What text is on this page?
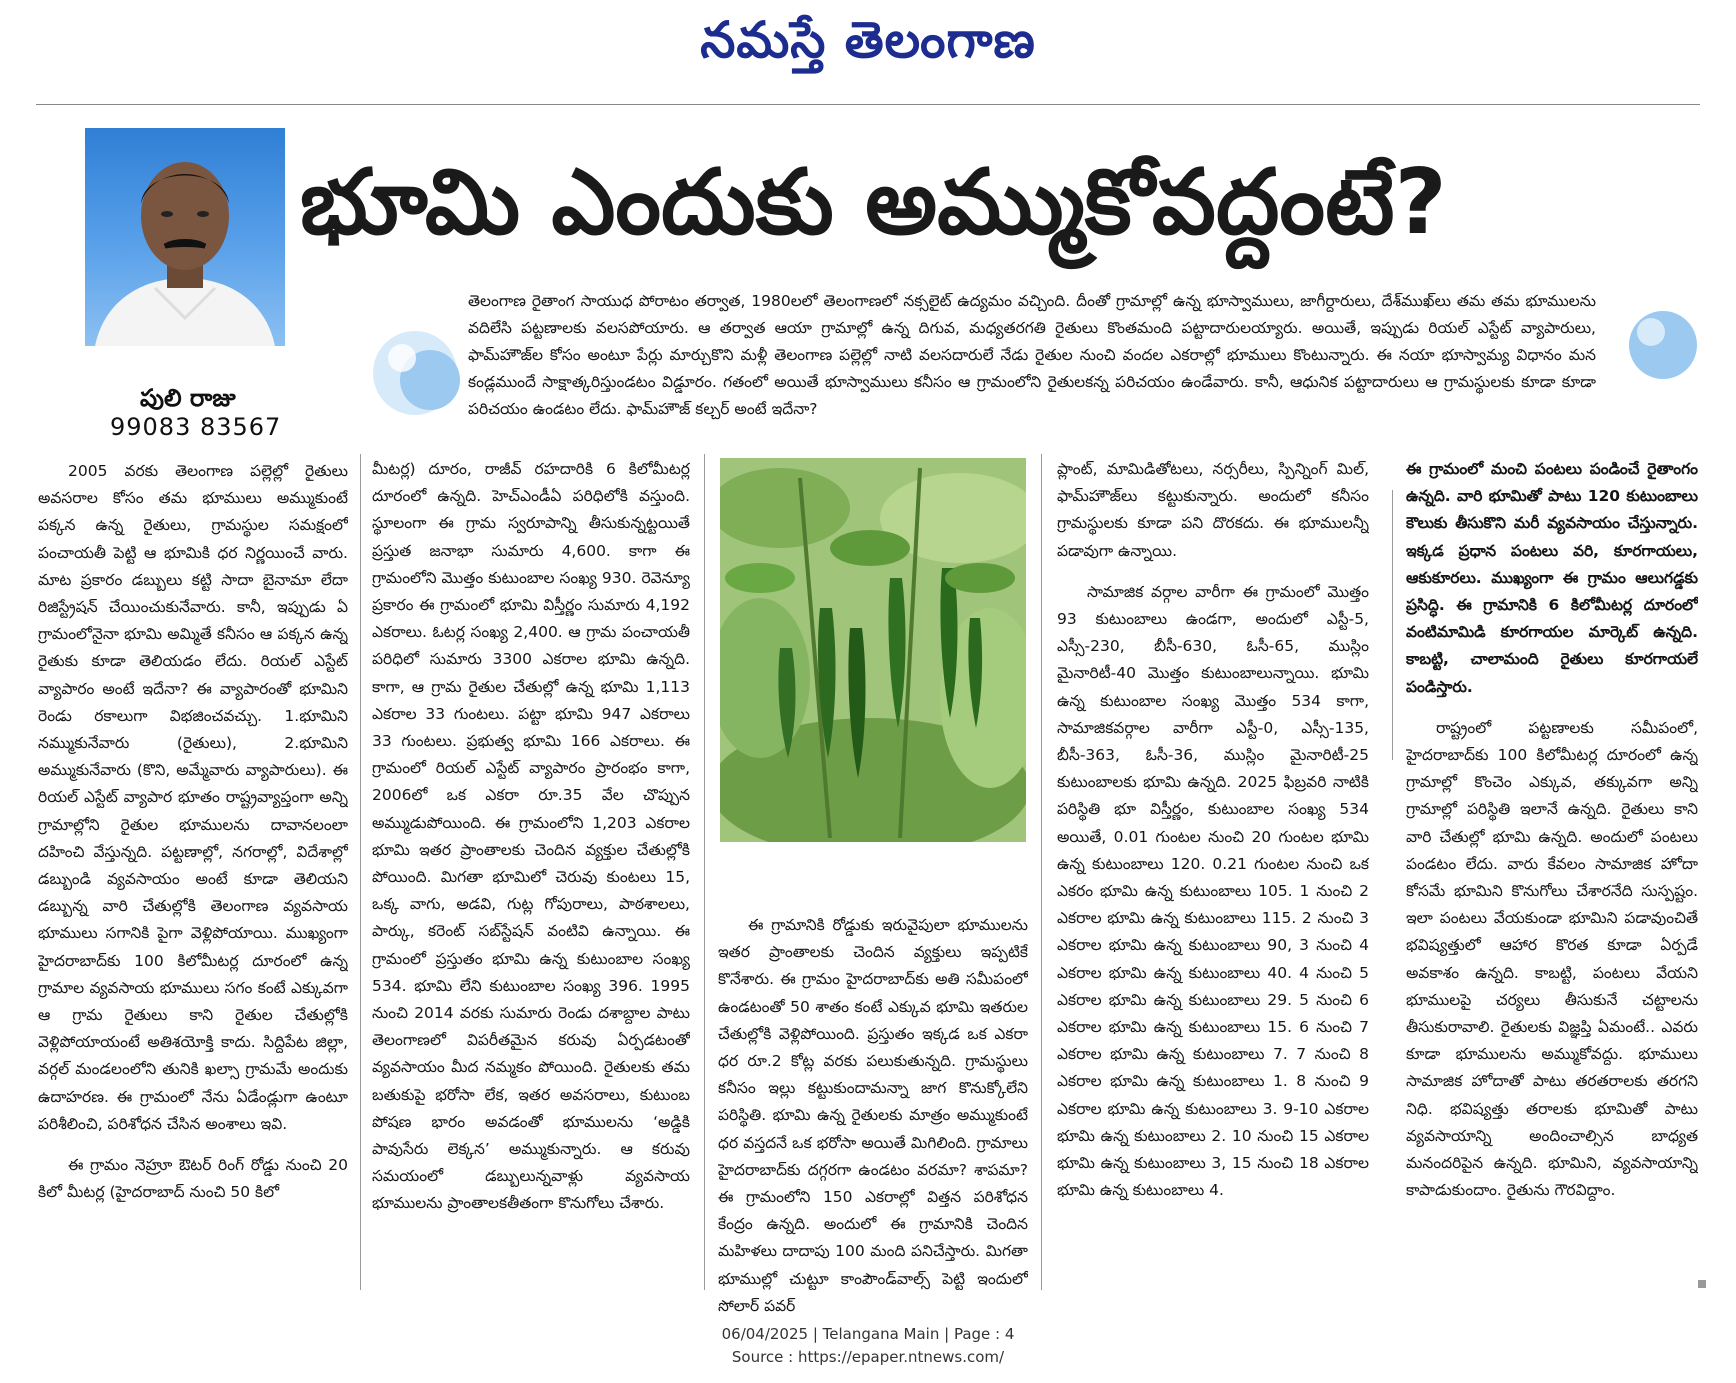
నమస్తే తెలంగాణ
పులి రాజు
99083 83567
భూమి ఎందుకు అమ్ముకోవద్దంటే?
తెలంగాణ రైతాంగ సాయుధ పోరాటం తర్వాత, 1980లలో తెలంగాణలో నక్సలైట్ ఉద్యమం వచ్చింది. దీంతో గ్రామాల్లో ఉన్న భూస్వాములు, జాగీర్దారులు, దేశ్‌ముఖ్‌లు తమ తమ భూములను వదిలేసి పట్టణాలకు వలసపోయారు. ఆ తర్వాత ఆయా గ్రామాల్లో ఉన్న దిగువ, మధ్యతరగతి రైతులు కొంతమంది పట్టాదారులయ్యారు. అయితే, ఇప్పుడు రియల్ ఎస్టేట్ వ్యాపారులు, ఫామ్‌హౌజ్‌ల కోసం అంటూ పేర్లు మార్చుకొని మళ్లీ తెలంగాణ పల్లెల్లో నాటి వలసదారులే నేడు రైతుల నుంచి వందల ఎకరాల్లో భూములు కొంటున్నారు. ఈ నయా భూస్వామ్య విధానం మన కండ్లముందే సాక్షాత్కరిస్తుండటం విడ్డూరం. గతంలో అయితే భూస్వాములు కనీసం ఆ గ్రామంలోని రైతులకన్న పరిచయం ఉండేవారు. కానీ, ఆధునిక పట్టాదారులు ఆ గ్రామస్థులకు కూడా కూడా పరిచయం ఉండటం లేదు. ఫామ్‌హౌజ్ కల్చర్ అంటే ఇదేనా?

2005 వరకు తెలంగాణ పల్లెల్లో రైతులు అవసరాల కోసం తమ భూములు అమ్ముకుంటే పక్కన ఉన్న రైతులు, గ్రామస్థుల సమక్షంలో పంచాయతీ పెట్టి ఆ భూమికి ధర నిర్ణయించే వారు. మాట ప్రకారం డబ్బులు కట్టి సాదా బైనామా లేదా రిజిస్ట్రేషన్ చేయించుకునేవారు. కానీ, ఇప్పుడు ఏ గ్రామంలోనైనా భూమి అమ్మితే కనీసం ఆ పక్కన ఉన్న రైతుకు కూడా తెలియడం లేదు. రియల్ ఎస్టేట్ వ్యాపారం అంటే ఇదేనా? ఈ వ్యాపారంతో భూమిని రెండు రకాలుగా విభజించవచ్చు. 1.భూమిని నమ్ముకునేవారు (రైతులు), 2.భూమిని అమ్ముకునేవారు (కొని, అమ్మేవారు వ్యాపారులు). ఈ రియల్ ఎస్టేట్ వ్యాపార భూతం రాష్ట్రవ్యాప్తంగా అన్ని గ్రామాల్లోని రైతుల భూములను దావానలంలా దహించి వేస్తున్నది. పట్టణాల్లో, నగరాల్లో, విదేశాల్లో డబ్బుండి వ్యవసాయం అంటే కూడా తెలియని డబ్బున్న వారి చేతుల్లోకి తెలంగాణ వ్యవసాయ భూములు సగానికి పైగా వెళ్లిపోయాయి. ముఖ్యంగా హైదరాబాద్‌కు 100 కిలోమీటర్ల దూరంలో ఉన్న గ్రామాల వ్యవసాయ భూములు సగం కంటే ఎక్కువగా ఆ గ్రామ రైతులు కాని రైతుల చేతుల్లోకి వెళ్లిపోయాయంటే అతిశయోక్తి కాదు. సిద్దిపేట జిల్లా, వర్గల్ మండలంలోని తునికి ఖల్సా గ్రామమే అందుకు ఉదాహరణ. ఈ గ్రామంలో నేను ఏడేండ్లుగా ఉంటూ పరిశీలించి, పరిశోధన చేసిన అంశాలు ఇవి.

ఈ గ్రామం నెహ్రూ ఔటర్ రింగ్ రోడ్డు నుంచి 20 కిలో మీటర్ల (హైదరాబాద్ నుంచి 50 కిలో

మీటర్ల) దూరం, రాజీవ్ రహదారికి 6 కిలోమీటర్ల దూరంలో ఉన్నది. హెచ్‌ఎండీఏ పరిధిలోకి వస్తుంది. స్థూలంగా ఈ గ్రామ స్వరూపాన్ని తీసుకున్నట్టయితే ప్రస్తుత జనాభా సుమారు 4,600. కాగా ఈ గ్రామంలోని మొత్తం కుటుంబాల సంఖ్య 930. రెవెన్యూ ప్రకారం ఈ గ్రామంలో భూమి విస్తీర్ణం సుమారు 4,192 ఎకరాలు. ఓటర్ల సంఖ్య 2,400. ఆ గ్రామ పంచాయతీ పరిధిలో సుమారు 3300 ఎకరాల భూమి ఉన్నది. కాగా, ఆ గ్రామ రైతుల చేతుల్లో ఉన్న భూమి 1,113 ఎకరాల 33 గుంటలు. పట్టా భూమి 947 ఎకరాలు 33 గుంటలు. ప్రభుత్వ భూమి 166 ఎకరాలు. ఈ గ్రామంలో రియల్ ఎస్టేట్ వ్యాపారం ప్రారంభం కాగా, 2006లో ఒక ఎకరా రూ.35 వేల చొప్పున అమ్ముడుపోయింది. ఈ గ్రామంలోని 1,203 ఎకరాల భూమి ఇతర ప్రాంతాలకు చెందిన వ్యక్తుల చేతుల్లోకి పోయింది. మిగతా భూమిలో చెరువు కుంటలు 15, ఒక్క వాగు, అడవి, గుట్ల గోపురాలు, పాఠశాలలు, పార్కు, కరెంట్ సబ్‌స్టేషన్ వంటివి ఉన్నాయి. ఈ గ్రామంలో ప్రస్తుతం భూమి ఉన్న కుటుంబాల సంఖ్య 534. భూమి లేని కుటుంబాల సంఖ్య 396. 1995 నుంచి 2014 వరకు సుమారు రెండు దశాబ్దాల పాటు తెలంగాణలో విపరీతమైన కరువు ఏర్పడటంతో వ్యవసాయం మీద నమ్మకం పోయింది. రైతులకు తమ బతుకుపై భరోసా లేక, ఇతర అవసరాలు, కుటుంబ పోషణ భారం అవడంతో భూములను ‘అడ్డికి పావుసేరు లెక్కన’ అమ్ముకున్నారు. ఆ కరువు సమయంలో డబ్బులున్నవాళ్లు వ్యవసాయ భూములను ప్రాంతాలకతీతంగా కొనుగోలు చేశారు.

ఈ గ్రామానికి రోడ్డుకు ఇరువైపులా భూములను ఇతర ప్రాంతాలకు చెందిన వ్యక్తులు ఇప్పటికే కొనేశారు. ఈ గ్రామం హైదరాబాద్‌కు అతి సమీపంలో ఉండటంతో 50 శాతం కంటే ఎక్కువ భూమి ఇతరుల చేతుల్లోకి వెళ్లిపోయింది. ప్రస్తుతం ఇక్కడ ఒక ఎకరా ధర రూ.2 కోట్ల వరకు పలుకుతున్నది. గ్రామస్థులు కనీసం ఇల్లు కట్టుకుందామన్నా జాగ కొనుక్కోలేని పరిస్థితి. భూమి ఉన్న రైతులకు మాత్రం అమ్ముకుంటే ధర వస్తదనే ఒక భరోసా అయితే మిగిలింది. గ్రామాలు హైదరాబాద్‌కు దగ్గరగా ఉండటం వరమా? శాపమా? ఈ గ్రామంలోని 150 ఎకరాల్లో విత్తన పరిశోధన కేంద్రం ఉన్నది. అందులో ఈ గ్రామానికి చెందిన మహిళలు దాదాపు 100 మంది పనిచేస్తారు. మిగతా భూముల్లో చుట్టూ కాంపౌండ్‌వాల్స్ పెట్టి ఇందులో సోలార్ పవర్

ప్లాంట్, మామిడితోటలు, నర్సరీలు, స్పిన్నింగ్ మిల్, ఫామ్‌హౌజ్‌లు కట్టుకున్నారు. అందులో కనీసం గ్రామస్థులకు కూడా పని దొరకదు. ఈ భూములన్నీ పడావుగా ఉన్నాయి.

సామాజిక వర్గాల వారీగా ఈ గ్రామంలో మొత్తం 93 కుటుంబాలు ఉండగా, అందులో ఎస్టీ-5, ఎస్సీ-230, బీసీ-630, ఓసీ-65, ముస్లిం మైనారిటీ-40 మొత్తం కుటుంబాలున్నాయి. భూమి ఉన్న కుటుంబాల సంఖ్య మొత్తం 534 కాగా, సామాజికవర్గాల వారీగా ఎస్టీ-0, ఎస్సీ-135, బీసీ-363, ఓసీ-36, ముస్లిం మైనారిటీ-25 కుటుంబాలకు భూమి ఉన్నది. 2025 ఫిబ్రవరి నాటికి పరిస్థితి భూ విస్తీర్ణం, కుటుంబాల సంఖ్య 534 అయితే, 0.01 గుంటల నుంచి 20 గుంటల భూమి ఉన్న కుటుంబాలు 120. 0.21 గుంటల నుంచి ఒక ఎకరం భూమి ఉన్న కుటుంబాలు 105. 1 నుంచి 2 ఎకరాల భూమి ఉన్న కుటుంబాలు 115. 2 నుంచి 3 ఎకరాల భూమి ఉన్న కుటుంబాలు 90, 3 నుంచి 4 ఎకరాల భూమి ఉన్న కుటుంబాలు 40. 4 నుంచి 5 ఎకరాల భూమి ఉన్న కుటుంబాలు 29. 5 నుంచి 6 ఎకరాల భూమి ఉన్న కుటుంబాలు 15. 6 నుంచి 7 ఎకరాల భూమి ఉన్న కుటుంబాలు 7. 7 నుంచి 8 ఎకరాల భూమి ఉన్న కుటుంబాలు 1. 8 నుంచి 9 ఎకరాల భూమి ఉన్న కుటుంబాలు 3. 9-10 ఎకరాల భూమి ఉన్న కుటుంబాలు 2. 10 నుంచి 15 ఎకరాల భూమి ఉన్న కుటుంబాలు 3, 15 నుంచి 18 ఎకరాల భూమి ఉన్న కుటుంబాలు 4.

ఈ గ్రామంలో మంచి పంటలు పండించే రైతాంగం ఉన్నది. వారి భూమితో పాటు 120 కుటుంబాలు కౌలుకు తీసుకొని మరీ వ్యవసాయం చేస్తున్నారు. ఇక్కడ ప్రధాన పంటలు వరి, కూరగాయలు, ఆకుకూరలు. ముఖ్యంగా ఈ గ్రామం ఆలుగడ్డకు ప్రసిద్ధి. ఈ గ్రామానికి 6 కిలోమీటర్ల దూరంలో వంటిమామిడి కూరగాయల మార్కెట్ ఉన్నది. కాబట్టి, చాలామంది రైతులు కూరగాయలే పండిస్తారు.

రాష్ట్రంలో పట్టణాలకు సమీపంలో, హైదరాబాద్‌కు 100 కిలోమీటర్ల దూరంలో ఉన్న గ్రామాల్లో కొంచెం ఎక్కువ, తక్కువగా అన్ని గ్రామాల్లో పరిస్థితి ఇలానే ఉన్నది. రైతులు కాని వారి చేతుల్లో భూమి ఉన్నది. అందులో పంటలు పండటం లేదు. వారు కేవలం సామాజిక హోదా కోసమే భూమిని కొనుగోలు చేశారనేది సుస్పష్టం. ఇలా పంటలు వేయకుండా భూమిని పడావుంచితే భవిష్యత్తులో ఆహార కొరత కూడా ఏర్పడే అవకాశం ఉన్నది. కాబట్టి, పంటలు వేయని భూములపై చర్యలు తీసుకునే చట్టాలను తీసుకురావాలి. రైతులకు విజ్ఞప్తి ఏమంటే.. ఎవరు కూడా భూములను అమ్ముకోవద్దు. భూములు సామాజిక హోదాతో పాటు తరతరాలకు తరగని నిధి. భవిష్యత్తు తరాలకు భూమితో పాటు వ్యవసాయాన్ని అందించాల్సిన బాధ్యత మనందరిపైన ఉన్నది. భూమిని, వ్యవసాయాన్ని కాపాడుకుందాం. రైతును గౌరవిద్దాం.

06/04/2025 | Telangana Main | Page : 4
Source : https://epaper.ntnews.com/
